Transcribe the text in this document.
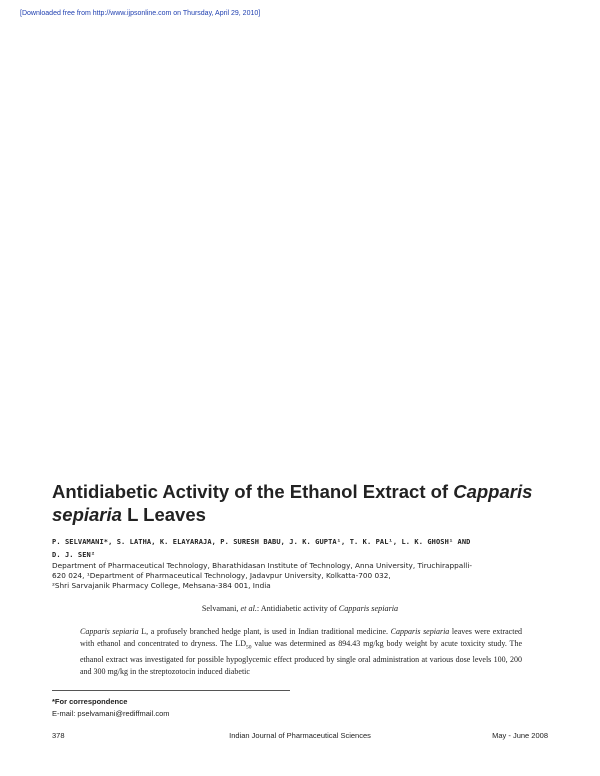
[Downloaded free from http://www.ijpsonline.com on Thursday, April 29, 2010]
Antidiabetic Activity of the Ethanol Extract of Capparis
sepiaria L Leaves
P. SELVAMANI*, S. LATHA, K. ELAYARAJA, P. SURESH BABU, J. K. GUPTA¹, T. K. PAL¹, L. K. GHOSH¹ AND
D. J. SEN²
Department of Pharmaceutical Technology, Bharathidasan Institute of Technology, Anna University, Tiruchirappalli-
620 024, ¹Department of Pharmaceutical Technology, Jadavpur University, Kolkatta-700 032,
²Shri Sarvajanik Pharmacy College, Mehsana-384 001, India
Selvamani, et al.: Antidiabetic activity of Capparis sepiaria
Capparis sepiaria L, a profusely branched hedge plant, is used in Indian traditional medicine. Capparis sepiaria leaves were extracted with ethanol and concentrated to dryness. The $LD_{50}$ value was determined as 894.43 mg/kg body weight by acute toxicity study. The ethanol extract was investigated for possible hypoglycemic effect produced by single oral administration at various dose levels 100, 200 and 300 mg/kg in the streptozotocin induced diabetic
*For correspondence
E-mail: pselvamani@rediffmail.com
378	Indian Journal of Pharmaceutical Sciences	May - June 2008
